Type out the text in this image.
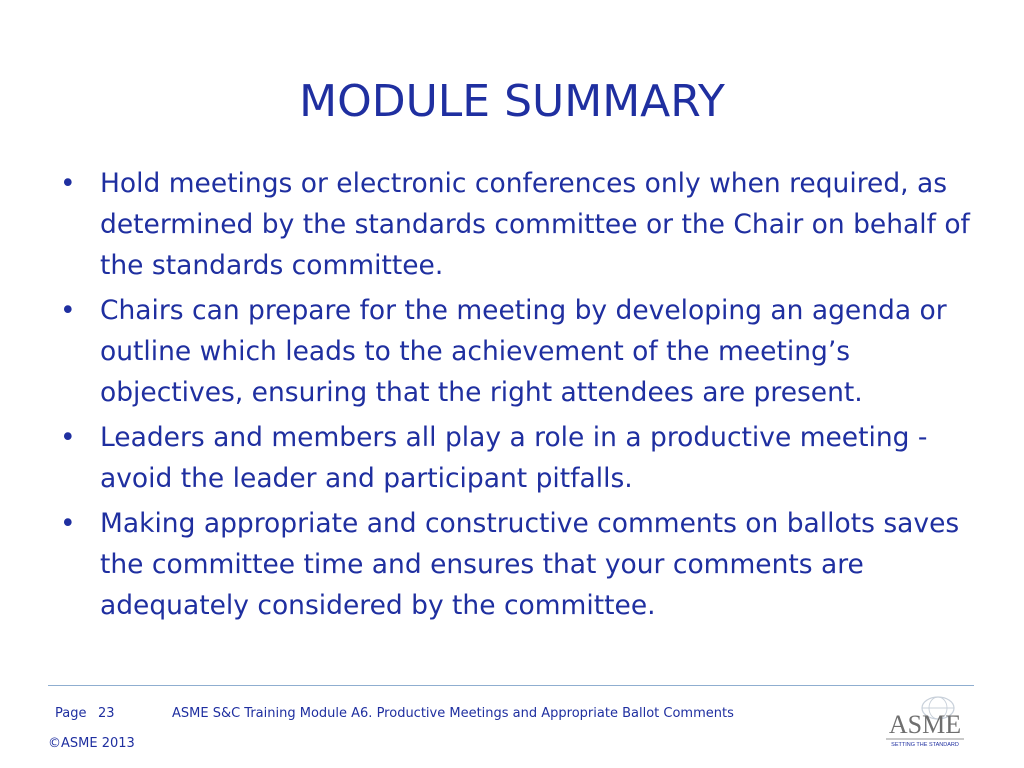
MODULE SUMMARY
• Hold meetings or electronic conferences only when required, as determined by the standards committee or the Chair on behalf of the standards committee.
• Chairs can prepare for the meeting by developing an agenda or outline which leads to the achievement of the meeting’s objectives, ensuring that the right attendees are present.
• Leaders and members all play a role in a productive meeting - avoid the leader and participant pitfalls.
• Making appropriate and constructive comments on ballots saves the committee time and ensures that your comments are adequately considered by the committee.
Page 23	ASME S&C Training Module A6. Productive Meetings and Appropriate Ballot Comments
©ASME 2013
ASME
SETTING THE STANDARD
